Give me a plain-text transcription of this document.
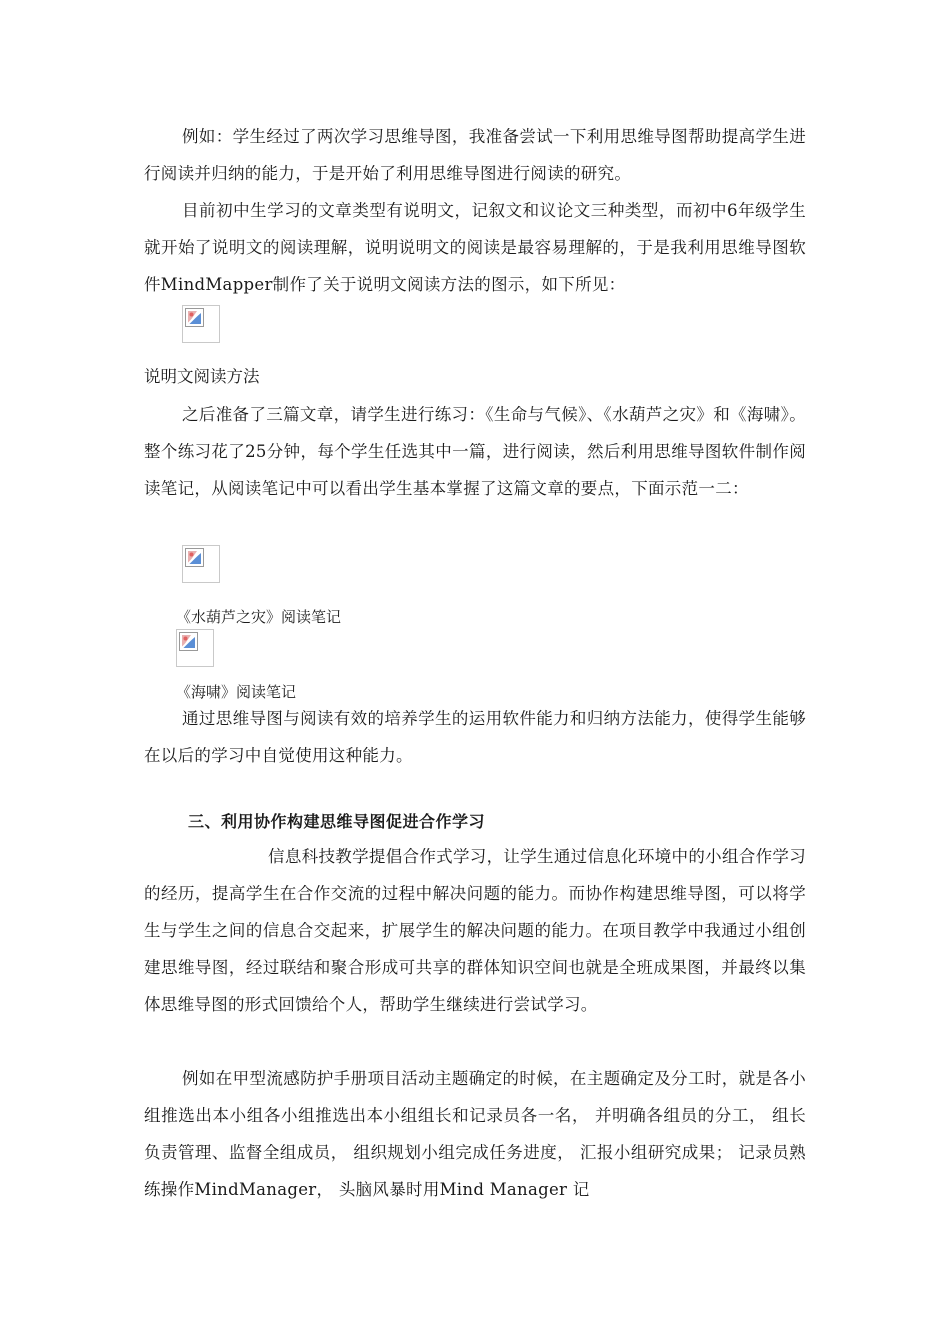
例如：学生经过了两次学习思维导图，我准备尝试一下利用思维导图帮助提高学生进行阅读并归纳的能力，于是开始了利用思维导图进行阅读的研究。

目前初中生学习的文章类型有说明文，记叙文和议论文三种类型，而初中6年级学生就开始了说明文的阅读理解，说明说明文的阅读是最容易理解的，于是我利用思维导图软件MindMapper制作了关于说明文阅读方法的图示，如下所见：

说明文阅读方法

之后准备了三篇文章，请学生进行练习：《生命与气候》、《水葫芦之灾》和《海啸》。整个练习花了25分钟，每个学生任选其中一篇，进行阅读，然后利用思维导图软件制作阅读笔记，从阅读笔记中可以看出学生基本掌握了这篇文章的要点，下面示范一二：

《水葫芦之灾》阅读笔记

《海啸》阅读笔记

通过思维导图与阅读有效的培养学生的运用软件能力和归纳方法能力，使得学生能够在以后的学习中自觉使用这种能力。

三、利用协作构建思维导图促进合作学习

信息科技教学提倡合作式学习，让学生通过信息化环境中的小组合作学习的经历，提高学生在合作交流的过程中解决问题的能力。而协作构建思维导图，可以将学生与学生之间的信息合交起来，扩展学生的解决问题的能力。在项目教学中我通过小组创建思维导图，经过联结和聚合形成可共享的群体知识空间也就是全班成果图，并最终以集体思维导图的形式回馈给个人，帮助学生继续进行尝试学习。

例如在甲型流感防护手册项目活动主题确定的时候，在主题确定及分工时，就是各小组推选出本小组各小组推选出本小组组长和记录员各一名， 并明确各组员的分工， 组长负责管理、监督全组成员， 组织规划小组完成任务进度， 汇报小组研究成果； 记录员熟练操作MindManager， 头脑风暴时用Mind Manager 记
